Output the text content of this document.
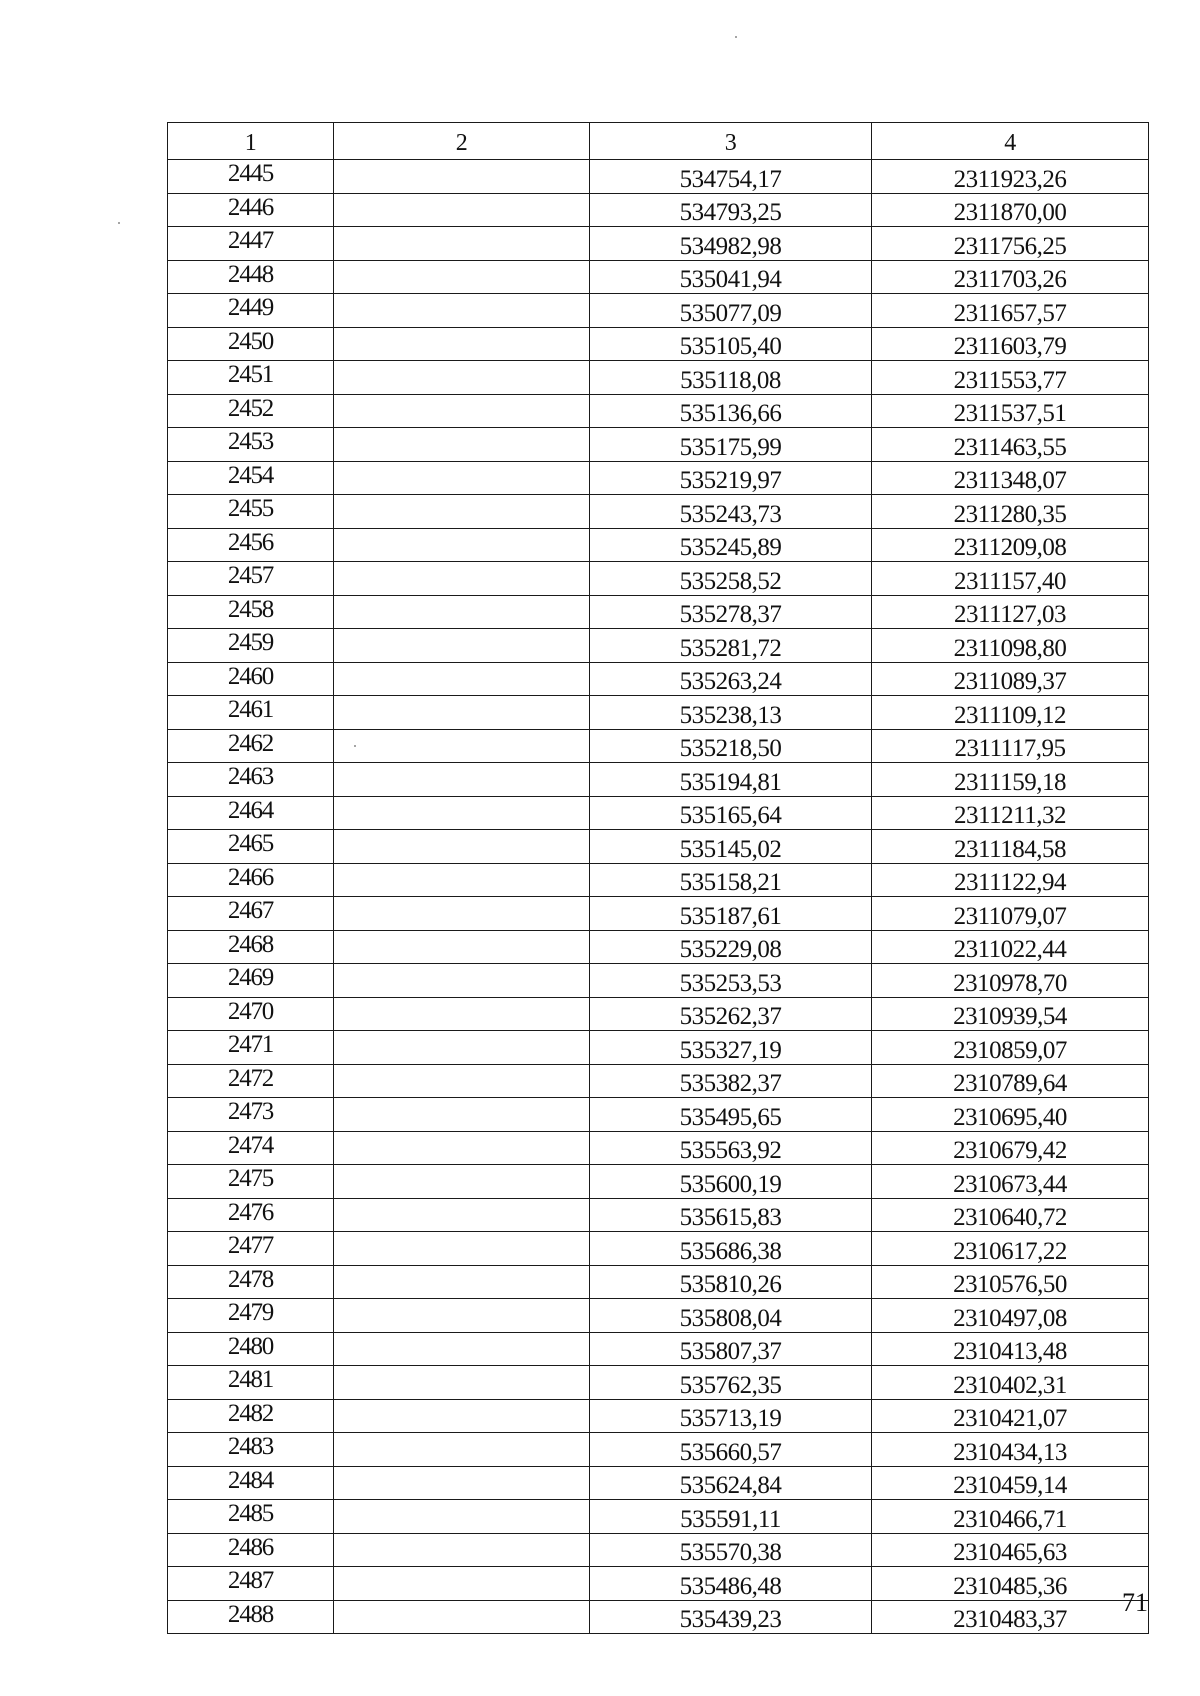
1	2	3	4
2445		534754,17	2311923,26
2446		534793,25	2311870,00
2447		534982,98	2311756,25
2448		535041,94	2311703,26
2449		535077,09	2311657,57
2450		535105,40	2311603,79
2451		535118,08	2311553,77
2452		535136,66	2311537,51
2453		535175,99	2311463,55
2454		535219,97	2311348,07
2455		535243,73	2311280,35
2456		535245,89	2311209,08
2457		535258,52	2311157,40
2458		535278,37	2311127,03
2459		535281,72	2311098,80
2460		535263,24	2311089,37
2461		535238,13	2311109,12
2462		535218,50	2311117,95
2463		535194,81	2311159,18
2464		535165,64	2311211,32
2465		535145,02	2311184,58
2466		535158,21	2311122,94
2467		535187,61	2311079,07
2468		535229,08	2311022,44
2469		535253,53	2310978,70
2470		535262,37	2310939,54
2471		535327,19	2310859,07
2472		535382,37	2310789,64
2473		535495,65	2310695,40
2474		535563,92	2310679,42
2475		535600,19	2310673,44
2476		535615,83	2310640,72
2477		535686,38	2310617,22
2478		535810,26	2310576,50
2479		535808,04	2310497,08
2480		535807,37	2310413,48
2481		535762,35	2310402,31
2482		535713,19	2310421,07
2483		535660,57	2310434,13
2484		535624,84	2310459,14
2485		535591,11	2310466,71
2486		535570,38	2310465,63
2487		535486,48	2310485,36
2488		535439,23	2310483,37
71
